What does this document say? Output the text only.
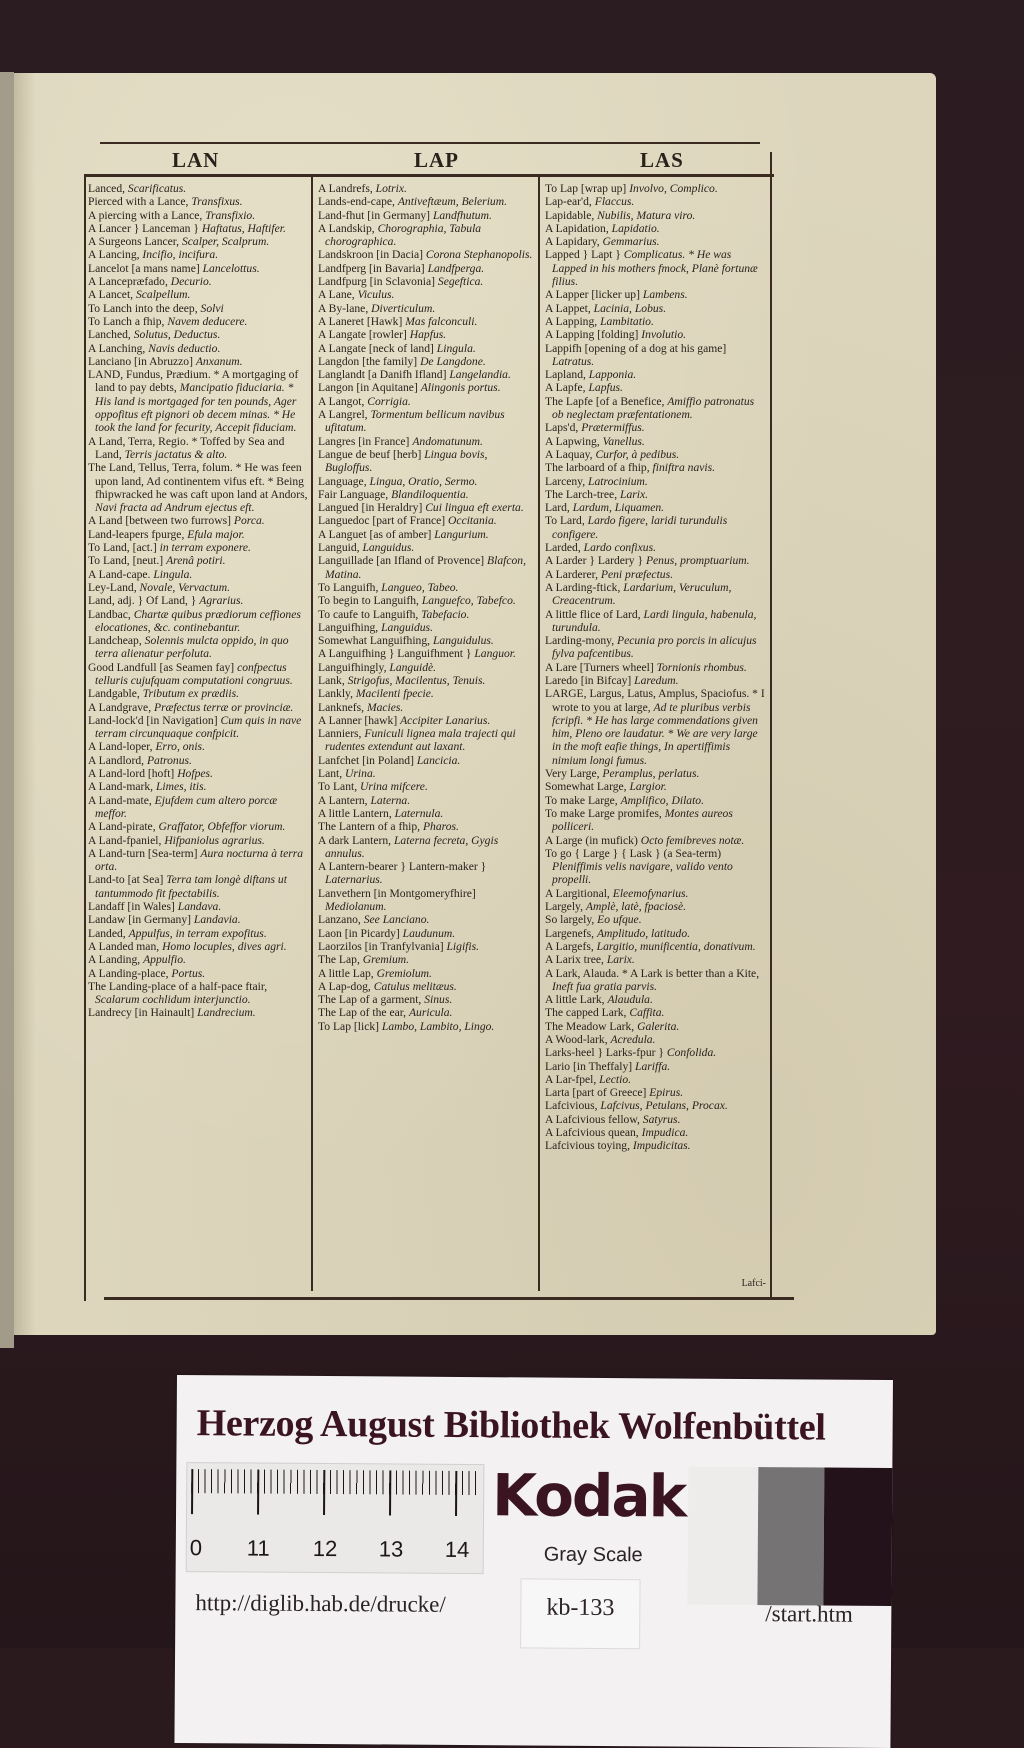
LAN	LAP	LAS

Lanced, Scarificatus.

Pierced with a Lance, Transfixus.

A piercing with a Lance, Transfixio.

A Lancer } Lanceman } Haftatus, Haftifer.

A Surgeons Lancer, Scalper, Scalprum.

A Lancing, Incifio, incifura.

Lancelot [a mans name] Lancelottus.

A Lancepræfado, Decurio.

A Lancet, Scalpellum.

To Lanch into the deep, Solvi

To Lanch a fhip, Navem deducere.

Lanched, Solutus, Deductus.

A Lanching, Navis deductio.

Lanciano [in Abruzzo] Anxanum.

LAND, Fundus, Prædium. * A mortgaging of land to pay debts, Mancipatio fiduciaria. * His land is mortgaged for ten pounds, Ager oppofitus eft pignori ob decem minas. * He took the land for fecurity, Accepit fiduciam.

A Land, Terra, Regio. * Toffed by Sea and Land, Terris jactatus & alto.

The Land, Tellus, Terra, folum. * He was feen upon land, Ad continentem vifus eft. * Being fhipwracked he was caft upon land at Andors, Navi fracta ad Andrum ejectus eft.

A Land [between two furrows] Porca.

Land-leapers fpurge, Efula major.

To Land, [act.] in terram exponere.

To Land, [neut.] Arenâ potiri.

A Land-cape. Lingula.

Ley-Land, Novale, Vervactum.

Land, adj. } Of Land, } Agrarius.

Landbac, Chartæ quibus prædiorum ceffiones elocationes, &c. continebantur.

Landcheap, Solennis mulcta oppido, in quo terra alienatur perfoluta.

Good Landfull [as Seamen fay] confpectus telluris cujufquam computationi congruus.

Landgable, Tributum ex prædiis.

A Landgrave, Præfectus terræ or provinciæ.

Land-lock'd [in Navigation] Cum quis in nave terram circunquaque confpicit.

A Land-loper, Erro, onis.

A Landlord, Patronus.

A Land-lord [hoft] Hofpes.

A Land-mark, Limes, itis.

A Land-mate, Ejufdem cum altero porcæ meffor.

A Land-pirate, Graffator, Obfeffor viorum.

A Land-fpaniel, Hifpaniolus agrarius.

A Land-turn [Sea-term] Aura nocturna à terra orta.

Land-to [at Sea] Terra tam longè diftans ut tantummodo fit fpectabilis.

Landaff [in Wales] Landava.

Landaw [in Germany] Landavia.

Landed, Appulfus, in terram expofitus.

A Landed man, Homo locuples, dives agri.

A Landing, Appulfio.

A Landing-place, Portus.

The Landing-place of a half-pace ftair, Scalarum cochlidum interjunctio.

Landrecy [in Hainault] Landrecium.

A Landrefs, Lotrix.

Lands-end-cape, Antiveftæum, Belerium.

Land-fhut [in Germany] Landfhutum.

A Landskip, Chorographia, Tabula chorographica.

Landskroon [in Dacia] Corona Stephanopolis.

Landfperg [in Bavaria] Landfperga.

Landfpurg [in Sclavonia] Segeftica.

A Lane, Viculus.

A By-lane, Diverticulum.

A Laneret [Hawk] Mas falconculi.

A Langate [rowler] Hapfus.

A Langate [neck of land] Lingula.

Langdon [the family] De Langdone.

Langlandt [a Danifh Ifland] Langelandia.

Langon [in Aquitane] Alingonis portus.

A Langot, Corrigia.

A Langrel, Tormentum bellicum navibus ufitatum.

Langres [in France] Andomatunum.

Langue de beuf [herb] Lingua bovis, Bugloffus.

Language, Lingua, Oratio, Sermo.

Fair Language, Blandiloquentia.

Langued [in Heraldry] Cui lingua eft exerta.

Languedoc [part of France] Occitania.

A Languet [as of amber] Langurium.

Languid, Languidus.

Languillade [an Ifland of Provence] Blafcon, Matina.

To Languifh, Langueo, Tabeo.

To begin to Languifh, Languefco, Tabefco.

To caufe to Languifh, Tabefacio.

Languifhing, Languidus.

Somewhat Languifhing, Languidulus.

A Languifhing } Languifhment } Languor.

Languifhingly, Languidè.

Lank, Strigofus, Macilentus, Tenuis.

Lankly, Macilenti fpecie.

Lanknefs, Macies.

A Lanner [hawk] Accipiter Lanarius.

Lanniers, Funiculi lignea mala trajecti qui rudentes extendunt aut laxant.

Lanfchet [in Poland] Lancicia.

Lant, Urina.

To Lant, Urina mifcere.

A Lantern, Laterna.

A little Lantern, Laternula.

The Lantern of a fhip, Pharos.

A dark Lantern, Laterna fecreta, Gygis annulus.

A Lantern-bearer } Lantern-maker } Laternarius.

Lanvethern [in Montgomeryfhire] Mediolanum.

Lanzano, See Lanciano.

Laon [in Picardy] Laudunum.

Laorzilos [in Tranfylvania] Ligifis.

The Lap, Gremium.

A little Lap, Gremiolum.

A Lap-dog, Catulus melitæus.

The Lap of a garment, Sinus.

The Lap of the ear, Auricula.

To Lap [lick] Lambo, Lambito, Lingo.

To Lap [wrap up] Involvo, Complico.

Lap-ear'd, Flaccus.

Lapidable, Nubilis, Matura viro.

A Lapidation, Lapidatio.

A Lapidary, Gemmarius.

Lapped } Lapt } Complicatus. * He was Lapped in his mothers fmock, Planè fortunæ filius.

A Lapper [licker up] Lambens.

A Lappet, Lacinia, Lobus.

A Lapping, Lambitatio.

A Lapping [folding] Involutio.

Lappifh [opening of a dog at his game] Latratus.

Lapland, Lapponia.

A Lapfe, Lapfus.

The Lapfe [of a Benefice, Amiffio patronatus ob neglectam præfentationem.

Laps'd, Prætermiffus.

A Lapwing, Vanellus.

A Laquay, Curfor, à pedibus.

The larboard of a fhip, finiftra navis.

Larceny, Latrocinium.

The Larch-tree, Larix.

Lard, Lardum, Liquamen.

To Lard, Lardo figere, laridi turundulis configere.

Larded, Lardo confixus.

A Larder } Lardery } Penus, promptuarium.

A Larderer, Peni præfectus.

A Larding-ftick, Lardarium, Veruculum, Creacentrum.

A little flice of Lard, Lardi lingula, habenula, turundula.

Larding-mony, Pecunia pro porcis in alicujus fylva pafcentibus.

A Lare [Turners wheel] Tornionis rhombus.

Laredo [in Bifcay] Laredum.

LARGE, Largus, Latus, Amplus, Spaciofus. * I wrote to you at large, Ad te pluribus verbis fcripfi. * He has large commendations given him, Pleno ore laudatur. * We are very large in the moft eafie things, In apertiffimis nimium longi fumus.

Very Large, Peramplus, perlatus.

Somewhat Large, Largior.

To make Large, Amplifico, Dilato.

To make Large promifes, Montes aureos polliceri.

A Large (in mufick) Octo femibreves notæ.

To go { Large } { Lask } (a Sea-term) Pleniffimis velis navigare, valido vento propelli.

A Largitional, Eleemofynarius.

Largely, Amplè, latè, fpaciosè.

So largely, Eo ufque.

Largenefs, Amplitudo, latitudo.

A Largefs, Largitio, munificentia, donativum.

A Larix tree, Larix.

A Lark, Alauda. * A Lark is better than a Kite, Ineft fua gratia parvis.

A little Lark, Alaudula.

The capped Lark, Caffita.

The Meadow Lark, Galerita.

A Wood-lark, Acredula.

Larks-heel } Larks-fpur } Confolida.

Lario [in Theffaly] Lariffa.

A Lar-fpel, Lectio.

Larta [part of Greece] Epirus.

Lafcivious, Lafcivus, Petulans, Procax.

A Lafcivious fellow, Satyrus.

A Lafcivious quean, Impudica.

Lafcivious toying, Impudicitas.

Lafci-
Herzog August Bibliothek Wolfenbüttel
0 11 12 13 14
Kodak
Gray Scale
http://diglib.hab.de/drucke/	kb-133	/start.htm
